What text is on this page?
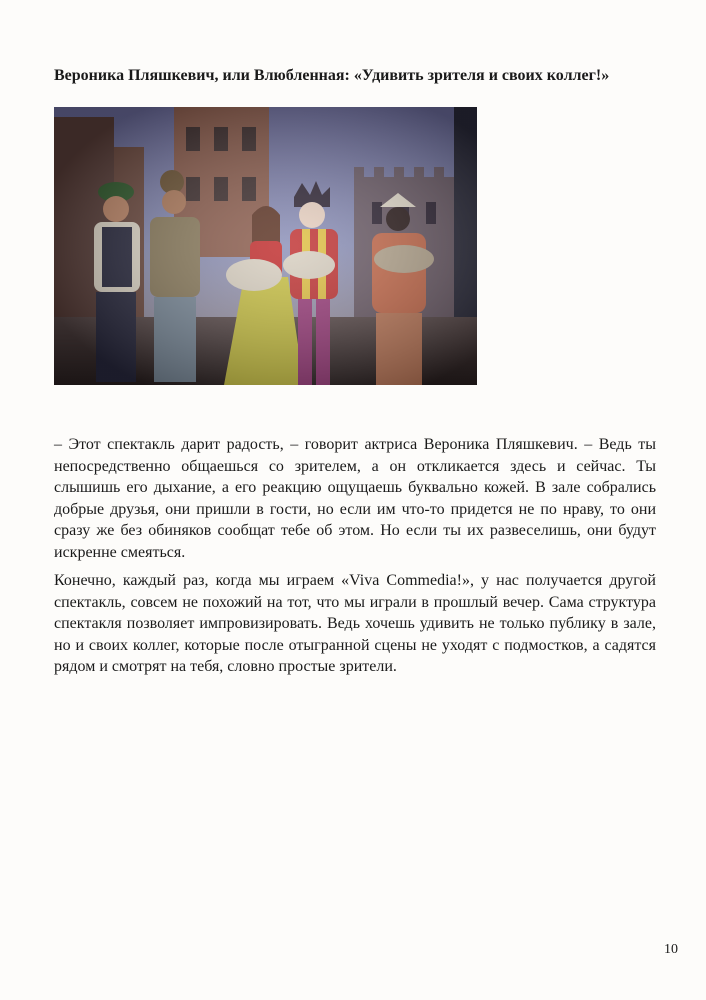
Вероника Пляшкевич, или Влюбленная: «Удивить зрителя и своих коллег!»
– Этот спектакль дарит радость, – говорит актриса Вероника Пляшкевич. – Ведь ты непосредственно общаешься со зрителем, а он откликается здесь и сейчас. Ты слышишь его дыхание, а его реакцию ощущаешь буквально кожей. В зале собрались добрые друзья, они пришли в гости, но если им что-то придется не по нраву, то они сразу же без обиняков сообщат тебе об этом. Но если ты их развеселишь, они будут искренне смеяться.
Конечно, каждый раз, когда мы играем «Viva Commedia!», у нас получается другой спектакль, совсем не похожий на тот, что мы играли в прошлый вечер. Сама структура спектакля позволяет импровизировать. Ведь хочешь удивить не только публику в зале, но и своих коллег, которые после отыгранной сцены не уходят с подмостков, а садятся рядом и смотрят на тебя, словно простые зрители.
10
